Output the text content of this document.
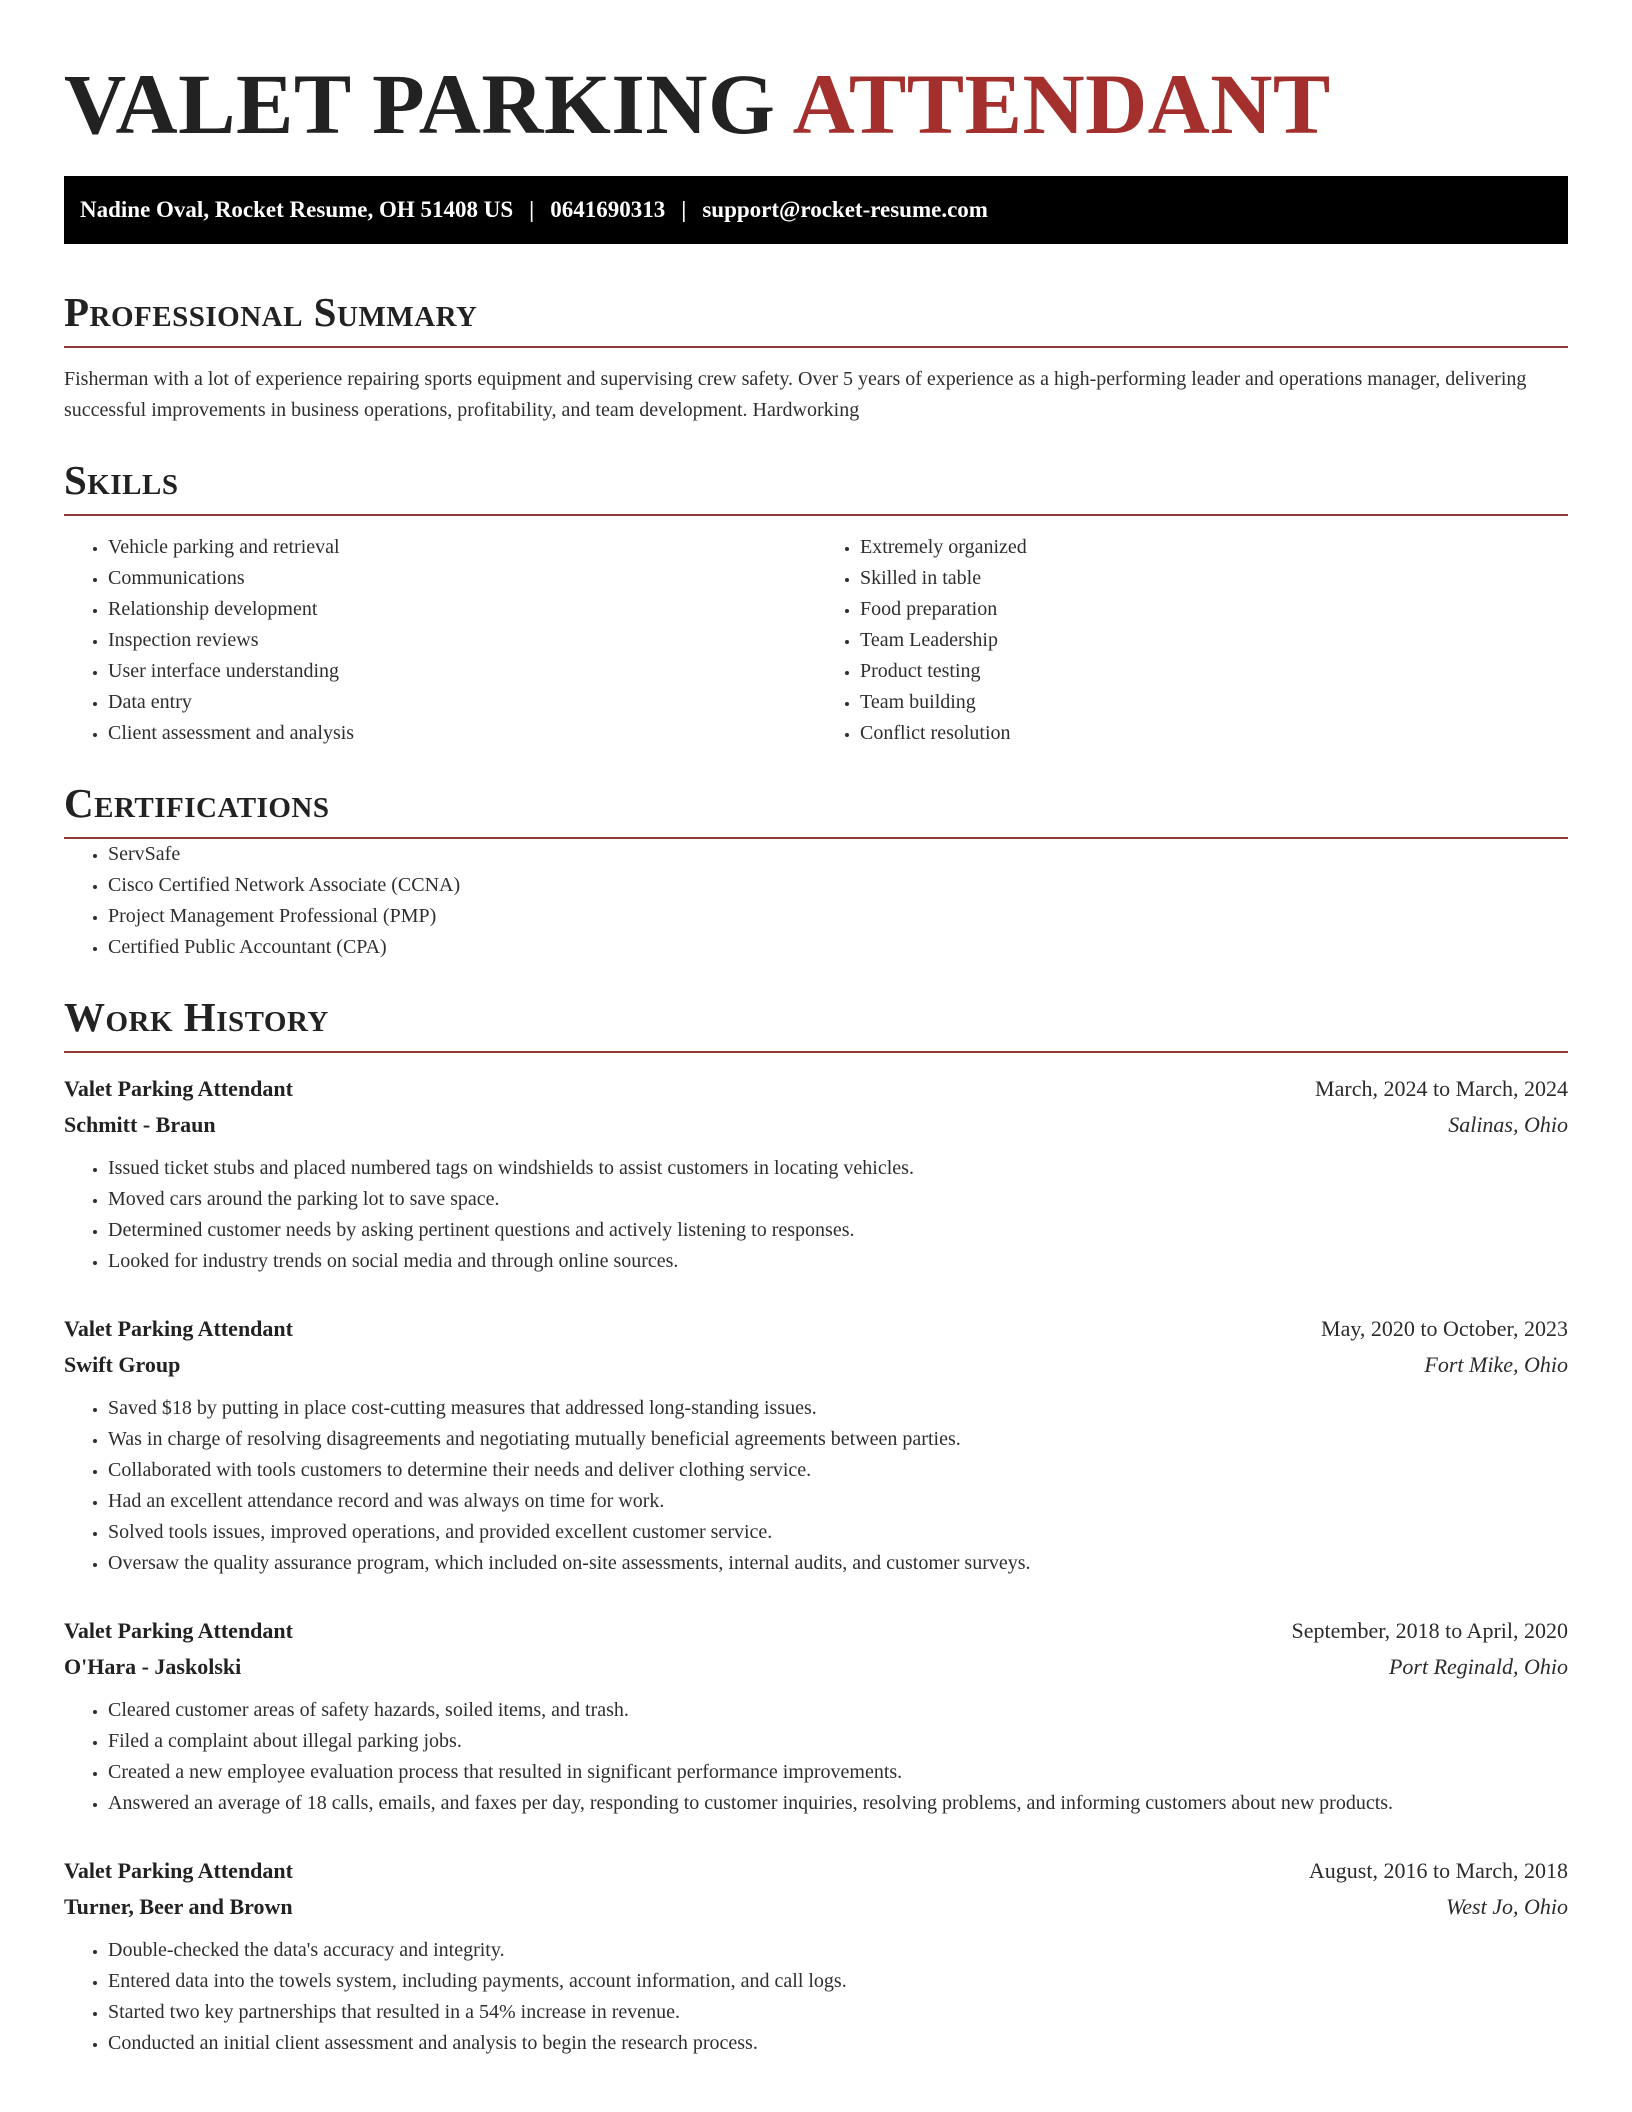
VALET PARKING ATTENDANT
Nadine Oval, Rocket Resume, OH 51408 US | 0641690313 | support@rocket-resume.com
Professional Summary

Fisherman with a lot of experience repairing sports equipment and supervising crew safety. Over 5 years of experience as a high-performing leader and operations manager, delivering successful improvements in business operations, profitability, and team development. Hardworking

Skills
• Vehicle parking and retrieval
• Communications
• Relationship development
• Inspection reviews
• User interface understanding
• Data entry
• Client assessment and analysis
• Extremely organized
• Skilled in table
• Food preparation
• Team Leadership
• Product testing
• Team building
• Conflict resolution
Certifications
• ServSafe
• Cisco Certified Network Associate (CCNA)
• Project Management Professional (PMP)
• Certified Public Accountant (CPA)
Work History
Valet Parking Attendant	March, 2024 to March, 2024
Schmitt - Braun	Salinas, Ohio
• Issued ticket stubs and placed numbered tags on windshields to assist customers in locating vehicles.
• Moved cars around the parking lot to save space.
• Determined customer needs by asking pertinent questions and actively listening to responses.
• Looked for industry trends on social media and through online sources.
Valet Parking Attendant	May, 2020 to October, 2023
Swift Group	Fort Mike, Ohio
• Saved $18 by putting in place cost-cutting measures that addressed long-standing issues.
• Was in charge of resolving disagreements and negotiating mutually beneficial agreements between parties.
• Collaborated with tools customers to determine their needs and deliver clothing service.
• Had an excellent attendance record and was always on time for work.
• Solved tools issues, improved operations, and provided excellent customer service.
• Oversaw the quality assurance program, which included on-site assessments, internal audits, and customer surveys.
Valet Parking Attendant	September, 2018 to April, 2020
O'Hara - Jaskolski	Port Reginald, Ohio
• Cleared customer areas of safety hazards, soiled items, and trash.
• Filed a complaint about illegal parking jobs.
• Created a new employee evaluation process that resulted in significant performance improvements.
• Answered an average of 18 calls, emails, and faxes per day, responding to customer inquiries, resolving problems, and informing customers about new products.
Valet Parking Attendant	August, 2016 to March, 2018
Turner, Beer and Brown	West Jo, Ohio
• Double-checked the data's accuracy and integrity.
• Entered data into the towels system, including payments, account information, and call logs.
• Started two key partnerships that resulted in a 54% increase in revenue.
• Conducted an initial client assessment and analysis to begin the research process.
